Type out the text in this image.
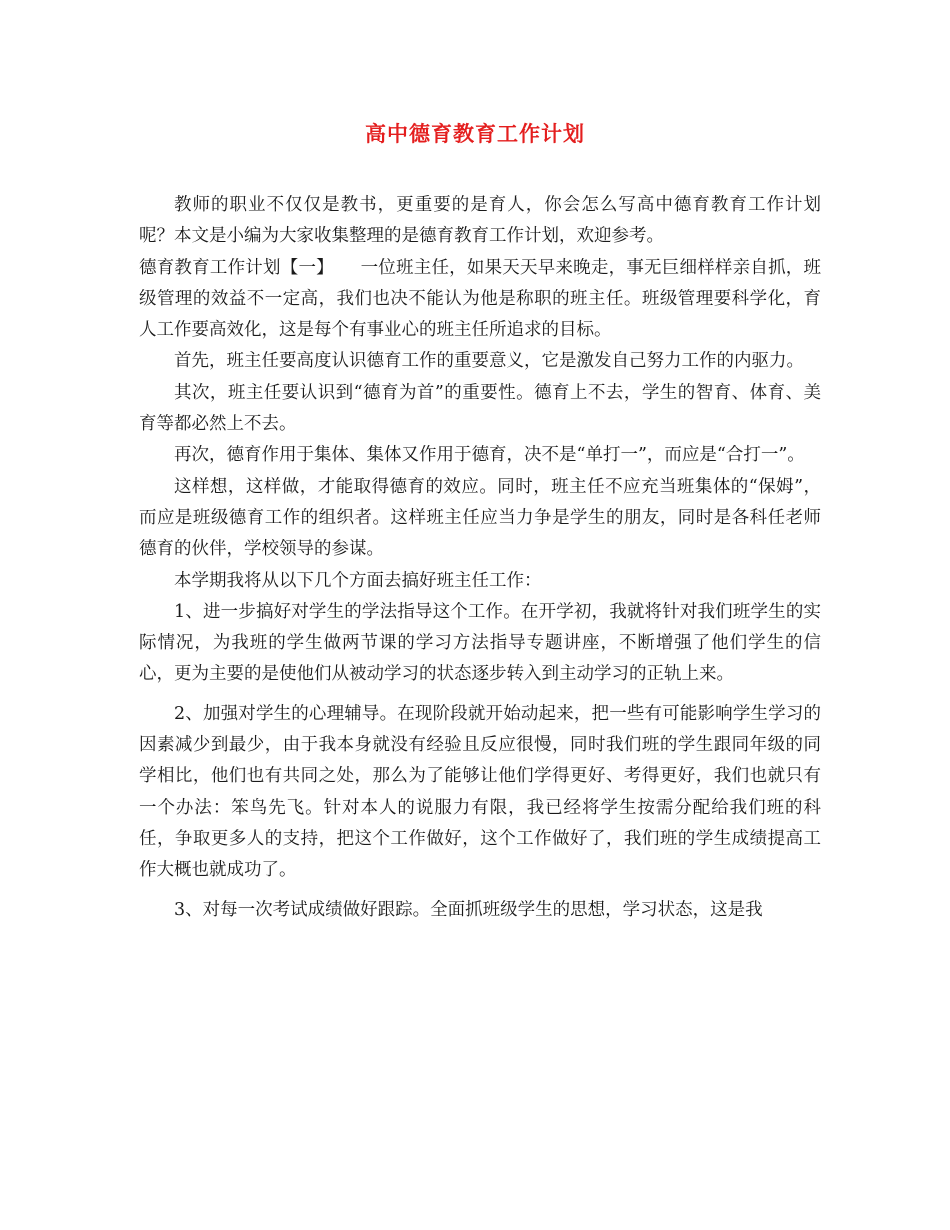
高中德育教育工作计划

教师的职业不仅仅是教书，更重要的是育人，你会怎么写高中德育教育工作计划呢？本文是小编为大家收集整理的是德育教育工作计划，欢迎参考。

德育教育工作计划【一】　　一位班主任，如果天天早来晚走，事无巨细样样亲自抓，班级管理的效益不一定高，我们也决不能认为他是称职的班主任。班级管理要科学化，育人工作要高效化，这是每个有事业心的班主任所追求的目标。

首先，班主任要高度认识德育工作的重要意义，它是激发自己努力工作的内驱力。

其次，班主任要认识到“德育为首”的重要性。德育上不去，学生的智育、体育、美育等都必然上不去。

再次，德育作用于集体、集体又作用于德育，决不是“单打一”，而应是“合打一”。

这样想，这样做，才能取得德育的效应。同时，班主任不应充当班集体的“保姆”，而应是班级德育工作的组织者。这样班主任应当力争是学生的朋友，同时是各科任老师德育的伙伴，学校领导的参谋。

本学期我将从以下几个方面去搞好班主任工作：

1、进一步搞好对学生的学法指导这个工作。在开学初，我就将针对我们班学生的实际情况，为我班的学生做两节课的学习方法指导专题讲座，不断增强了他们学生的信心，更为主要的是使他们从被动学习的状态逐步转入到主动学习的正轨上来。

2、加强对学生的心理辅导。在现阶段就开始动起来，把一些有可能影响学生学习的因素减少到最少，由于我本身就没有经验且反应很慢，同时我们班的学生跟同年级的同学相比，他们也有共同之处，那么为了能够让他们学得更好、考得更好，我们也就只有一个办法：笨鸟先飞。针对本人的说服力有限，我已经将学生按需分配给我们班的科任，争取更多人的支持，把这个工作做好，这个工作做好了，我们班的学生成绩提高工作大概也就成功了。

3、对每一次考试成绩做好跟踪。全面抓班级学生的思想，学习状态，这是我
